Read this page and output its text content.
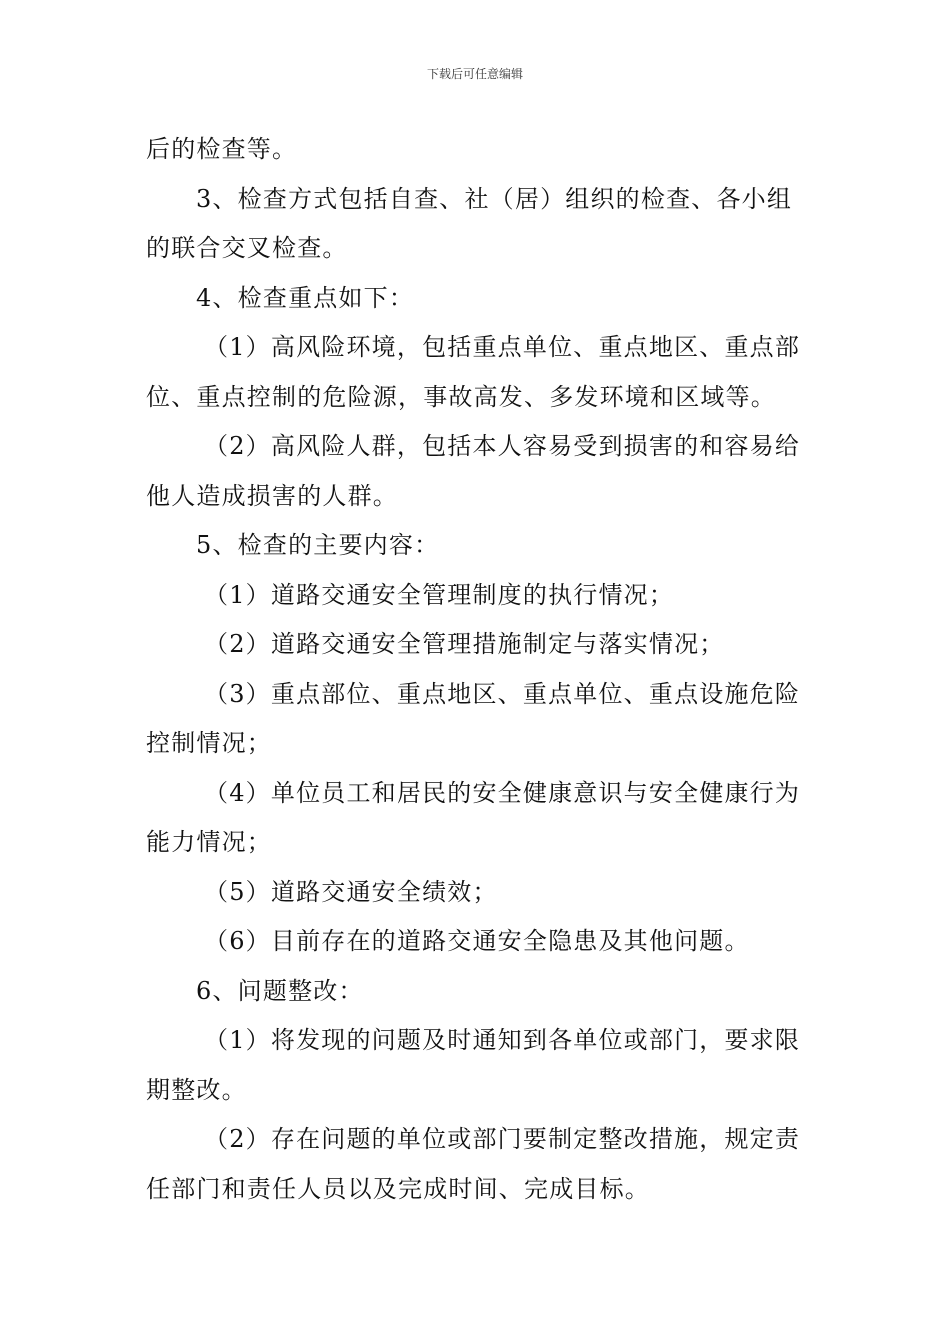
下载后可任意编辑

后的检查等。

3、检查方式包括自查、社（居）组织的检查、各小组

的联合交叉检查。

4、检查重点如下：

（1）高风险环境，包括重点单位、重点地区、重点部

位、重点控制的危险源，事故高发、多发环境和区域等。

（2）高风险人群，包括本人容易受到损害的和容易给

他人造成损害的人群。

5、检查的主要内容：

（1）道路交通安全管理制度的执行情况；

（2）道路交通安全管理措施制定与落实情况；

（3）重点部位、重点地区、重点单位、重点设施危险

控制情况；

（4）单位员工和居民的安全健康意识与安全健康行为

能力情况；

（5）道路交通安全绩效；

（6）目前存在的道路交通安全隐患及其他问题。

6、问题整改：

（1）将发现的问题及时通知到各单位或部门，要求限

期整改。

（2）存在问题的单位或部门要制定整改措施，规定责

任部门和责任人员以及完成时间、完成目标。
